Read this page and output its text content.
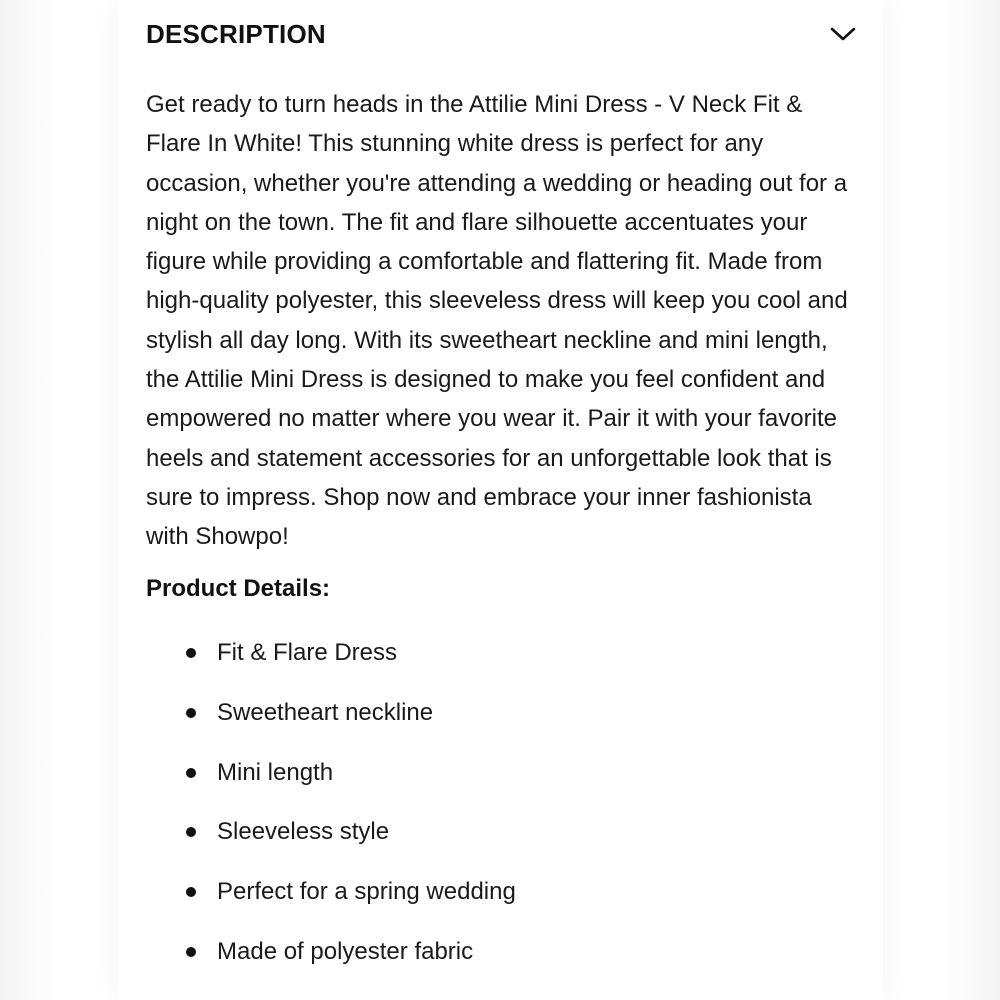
DESCRIPTION

Get ready to turn heads in the Attilie Mini Dress - V Neck Fit & Flare In White! This stunning white dress is perfect for any occasion, whether you're attending a wedding or heading out for a night on the town. The fit and flare silhouette accentuates your figure while providing a comfortable and flattering fit. Made from high-quality polyester, this sleeveless dress will keep you cool and stylish all day long. With its sweetheart neckline and mini length, the Attilie Mini Dress is designed to make you feel confident and empowered no matter where you wear it. Pair it with your favorite heels and statement accessories for an unforgettable look that is sure to impress. Shop now and embrace your inner fashionista with Showpo!

Product Details:

Fit & Flare Dress
Sweetheart neckline
Mini length
Sleeveless style
Perfect for a spring wedding
Made of polyester fabric
